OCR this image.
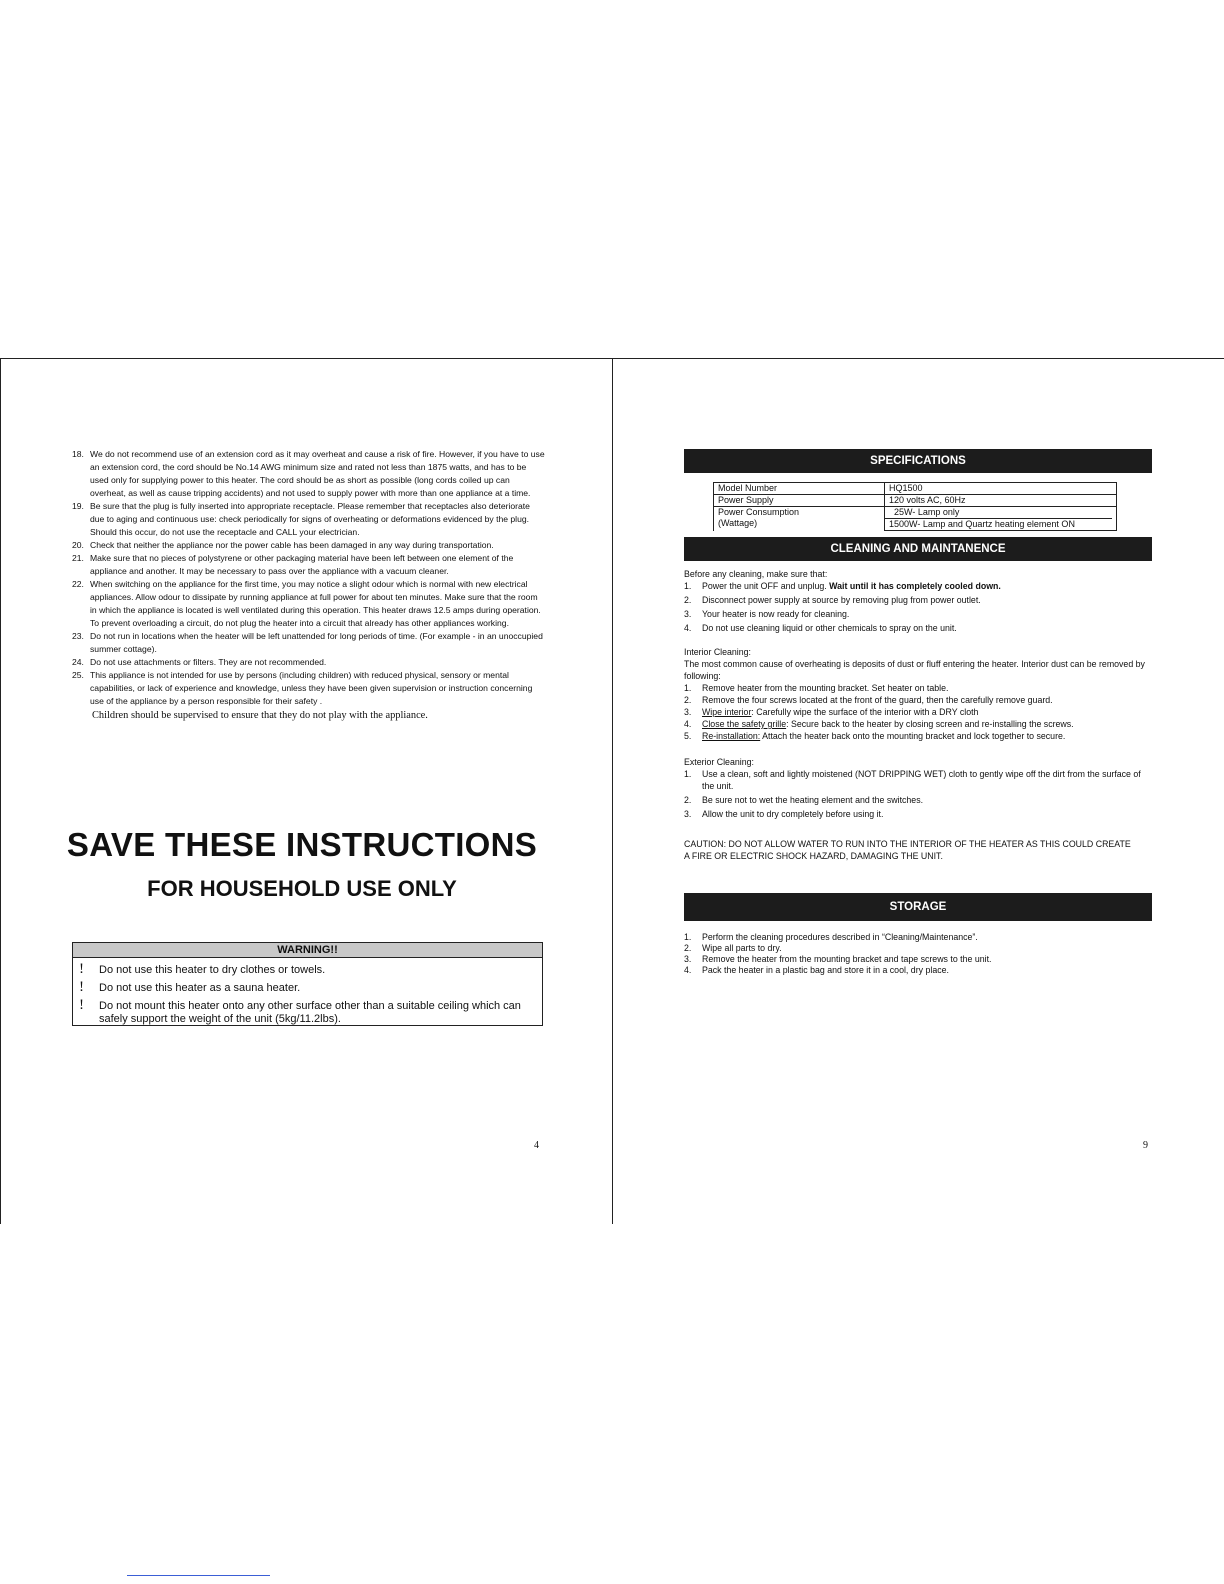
18. We do not recommend use of an extension cord as it may overheat and cause a risk of fire. However, if you have to use an extension cord, the cord should be No.14 AWG minimum size and rated not less than 1875 watts, and has to be used only for supplying power to this heater. The cord should be as short as possible (long cords coiled up can overheat, as well as cause tripping accidents) and not used to supply power with more than one appliance at a time.
19. Be sure that the plug is fully inserted into appropriate receptacle. Please remember that receptacles also deteriorate due to aging and continuous use: check periodically for signs of overheating or deformations evidenced by the plug. Should this occur, do not use the receptacle and CALL your electrician.
20. Check that neither the appliance nor the power cable has been damaged in any way during transportation.
21. Make sure that no pieces of polystyrene or other packaging material have been left between one element of the appliance and another. It may be necessary to pass over the appliance with a vacuum cleaner.
22. When switching on the appliance for the first time, you may notice a slight odour which is normal with new electrical appliances. Allow odour to dissipate by running appliance at full power for about ten minutes. Make sure that the room in which the appliance is located is well ventilated during this operation. This heater draws 12.5 amps during operation. To prevent overloading a circuit, do not plug the heater into a circuit that already has other appliances working.
23. Do not run in locations when the heater will be left unattended for long periods of time. (For example - in an unoccupied summer cottage).
24. Do not use attachments or filters. They are not recommended.
25. This appliance is not intended for use by persons (including children) with reduced physical, sensory or mental capabilities, or lack of experience and knowledge, unless they have been given supervision or instruction concerning use of the appliance by a person responsible for their safety .

Children should be supervised to ensure that they do not play with the appliance.

SAVE THESE INSTRUCTIONS
FOR HOUSEHOLD USE ONLY
WARNING!!
! Do not use this heater to dry clothes or towels.
! Do not use this heater as a sauna heater.
! Do not mount this heater onto any other surface other than a suitable ceiling which can safely support the weight of the unit (5kg/11.2lbs).
4
SPECIFICATIONS
Model Number	HQ1500
Power Supply	120 volts AC, 60Hz
Power Consumption
(Wattage)	25W- Lamp only
1500W- Lamp and Quartz heating element ON
CLEANING AND MAINTANENCE

Before any cleaning, make sure that:

1. Power the unit OFF and unplug. Wait until it has completely cooled down.
2. Disconnect power supply at source by removing plug from power outlet.
3. Your heater is now ready for cleaning.
4. Do not use cleaning liquid or other chemicals to spray on the unit.

Interior Cleaning:

The most common cause of overheating is deposits of dust or fluff entering the heater. Interior dust can be removed by following:

1. Remove heater from the mounting bracket. Set heater on table.
2. Remove the four screws located at the front of the guard, then the carefully remove guard.
3. Wipe interior: Carefully wipe the surface of the interior with a DRY cloth
4. Close the safety grille: Secure back to the heater by closing screen and re-installing the screws.
5. Re-installation: Attach the heater back onto the mounting bracket and lock together to secure.

Exterior Cleaning:

1. Use a clean, soft and lightly moistened (NOT DRIPPING WET) cloth to gently wipe off the dirt from the surface of the unit.
2. Be sure not to wet the heating element and the switches.
3. Allow the unit to dry completely before using it.

CAUTION: DO NOT ALLOW WATER TO RUN INTO THE INTERIOR OF THE HEATER AS THIS COULD CREATE A FIRE OR ELECTRIC SHOCK HAZARD, DAMAGING THE UNIT.

STORAGE
1. Perform the cleaning procedures described in “Cleaning/Maintenance”.
2. Wipe all parts to dry.
3. Remove the heater from the mounting bracket and tape screws to the unit.
4. Pack the heater in a plastic bag and store it in a cool, dry place.
9
